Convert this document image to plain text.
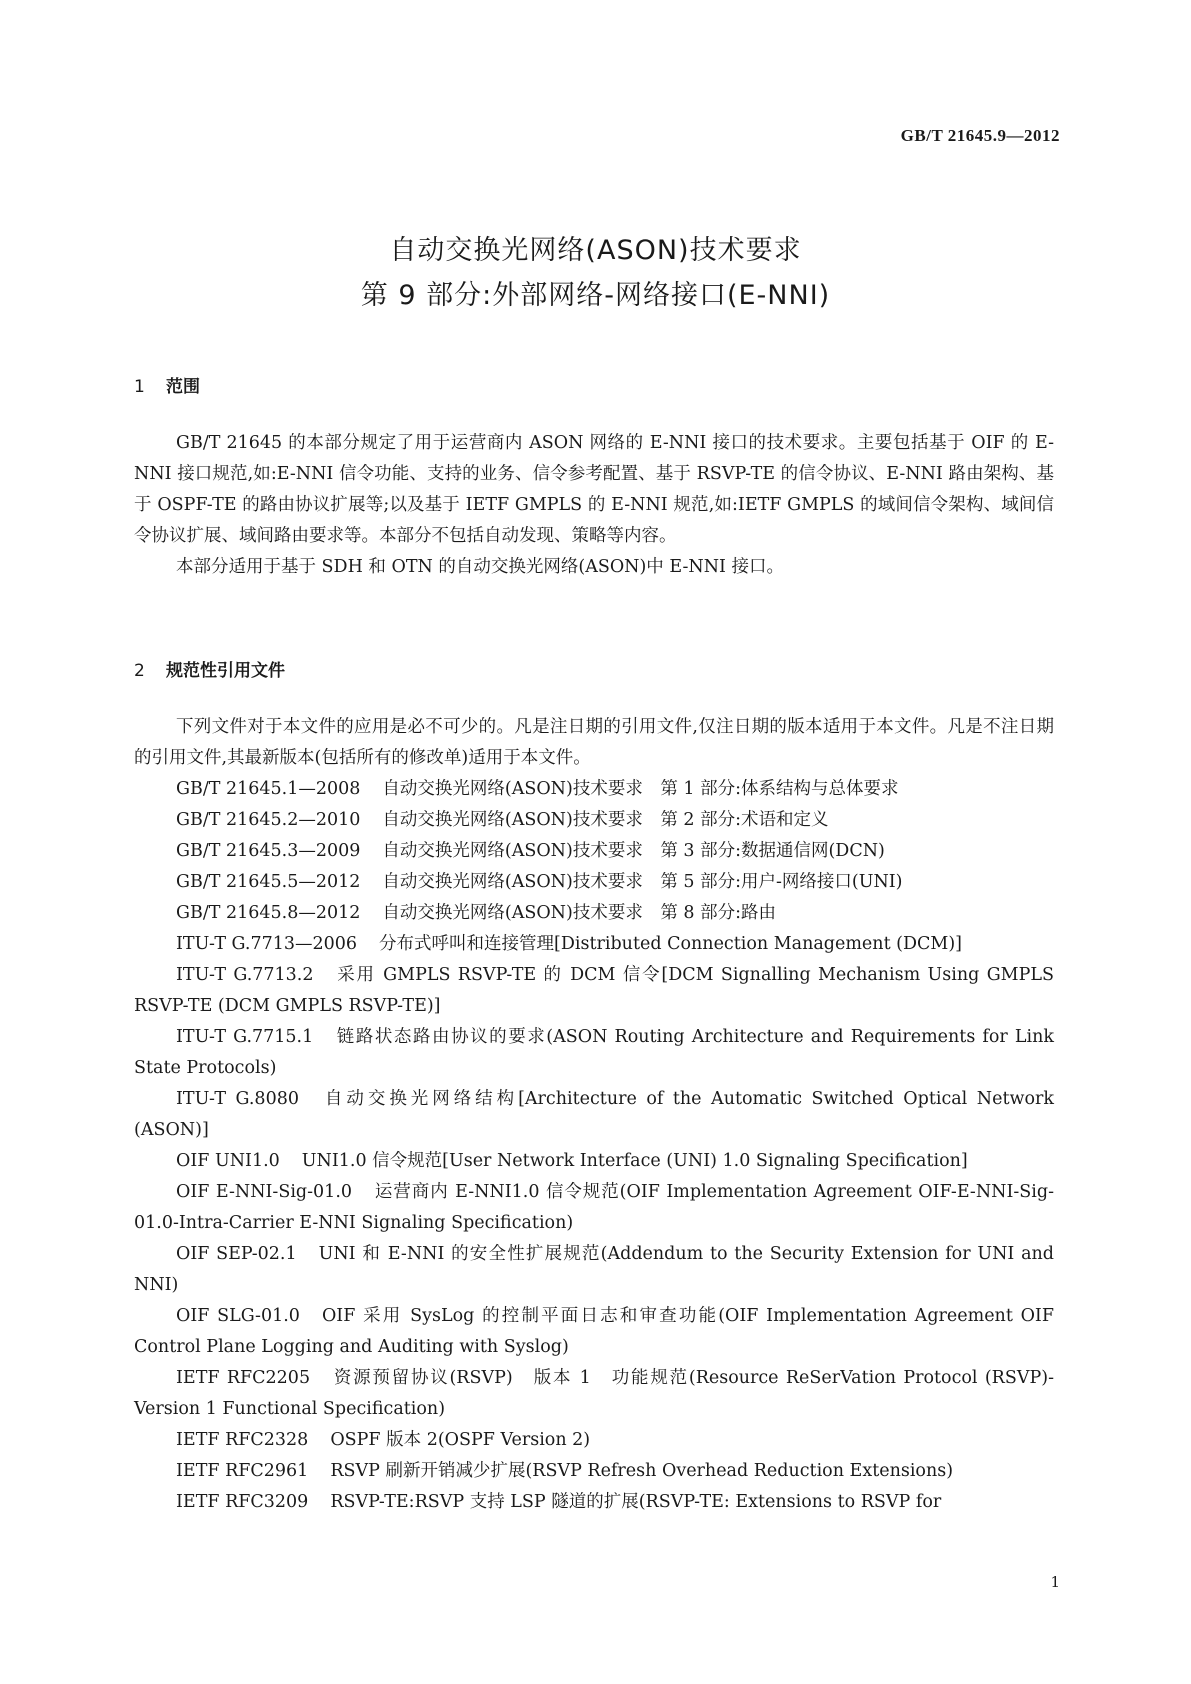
GB/T 21645.9—2012
自动交换光网络(ASON)技术要求
第 9 部分:外部网络-网络接口(E-NNI)
1 范围

GB/T 21645 的本部分规定了用于运营商内 ASON 网络的 E-NNI 接口的技术要求。主要包括基于 OIF 的 E-NNI 接口规范,如:E-NNI 信令功能、支持的业务、信令参考配置、基于 RSVP-TE 的信令协议、E-NNI 路由架构、基于 OSPF-TE 的路由协议扩展等;以及基于 IETF GMPLS 的 E-NNI 规范,如:IETF GMPLS 的域间信令架构、域间信令协议扩展、域间路由要求等。本部分不包括自动发现、策略等内容。

本部分适用于基于 SDH 和 OTN 的自动交换光网络(ASON)中 E-NNI 接口。

2 规范性引用文件

下列文件对于本文件的应用是必不可少的。凡是注日期的引用文件,仅注日期的版本适用于本文件。凡是不注日期的引用文件,其最新版本(包括所有的修改单)适用于本文件。

GB/T 21645.1—2008 自动交换光网络(ASON)技术要求　第 1 部分:体系结构与总体要求

GB/T 21645.2—2010 自动交换光网络(ASON)技术要求　第 2 部分:术语和定义

GB/T 21645.3—2009 自动交换光网络(ASON)技术要求　第 3 部分:数据通信网(DCN)

GB/T 21645.5—2012 自动交换光网络(ASON)技术要求　第 5 部分:用户-网络接口(UNI)

GB/T 21645.8—2012 自动交换光网络(ASON)技术要求　第 8 部分:路由

ITU-T G.7713—2006 分布式呼叫和连接管理[Distributed Connection Management (DCM)]

ITU-T G.7713.2 采用 GMPLS RSVP-TE 的 DCM 信令[DCM Signalling Mechanism Using GMPLS RSVP-TE (DCM GMPLS RSVP-TE)]

ITU-T G.7715.1 链路状态路由协议的要求(ASON Routing Architecture and Requirements for Link State Protocols)

ITU-T G.8080 自动交换光网络结构[Architecture of the Automatic Switched Optical Network (ASON)]

OIF UNI1.0 UNI1.0 信令规范[User Network Interface (UNI) 1.0 Signaling Specification]

OIF E-NNI-Sig-01.0 运营商内 E-NNI1.0 信令规范(OIF Implementation Agreement OIF-E-NNI-Sig-01.0-Intra-Carrier E-NNI Signaling Specification)

OIF SEP-02.1 UNI 和 E-NNI 的安全性扩展规范(Addendum to the Security Extension for UNI and NNI)

OIF SLG-01.0 OIF 采用 SysLog 的控制平面日志和审查功能(OIF Implementation Agreement OIF Control Plane Logging and Auditing with Syslog)

IETF RFC2205 资源预留协议(RSVP)　版本 1　功能规范(Resource ReSerVation Protocol (RSVP)-Version 1 Functional Specification)

IETF RFC2328 OSPF 版本 2(OSPF Version 2)

IETF RFC2961 RSVP 刷新开销减少扩展(RSVP Refresh Overhead Reduction Extensions)

IETF RFC3209 RSVP-TE:RSVP 支持 LSP 隧道的扩展(RSVP-TE: Extensions to RSVP for

1
